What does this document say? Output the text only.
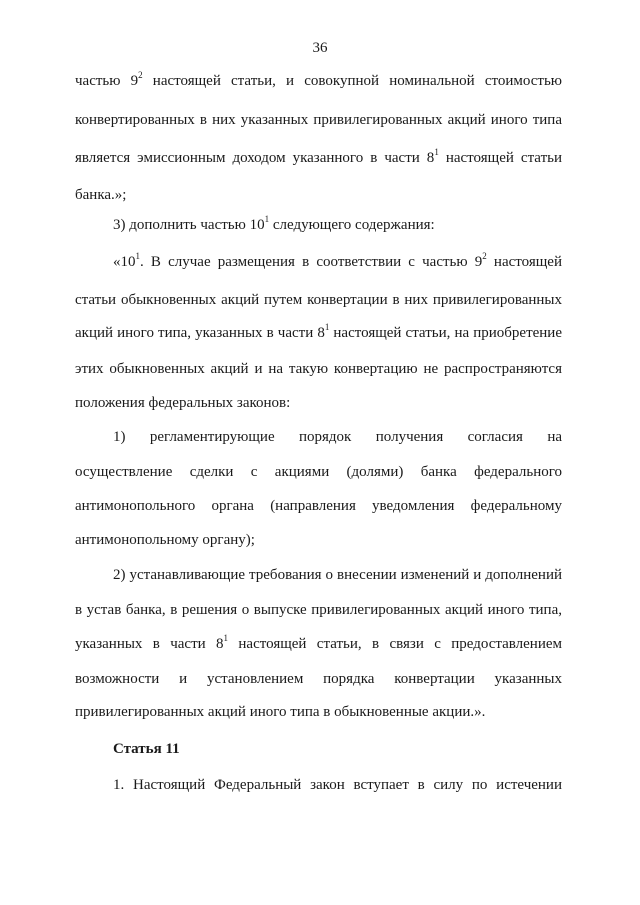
36
частью $9^2$ настоящей статьи, и совокупной номинальной стоимостью
конвертированных в них указанных привилегированных акций иного типа
является эмиссионным доходом указанного в части $8^1$ настоящей статьи
банка.»;
3) дополнить частью $10^1$ следующего содержания:
«$10^1$. В случае размещения в соответствии с частью $9^2$ настоящей
статьи обыкновенных акций путем конвертации в них привилегированных
акций иного типа, указанных в части $8^1$ настоящей статьи, на приобретение
этих обыкновенных акций и на такую конвертацию не распространяются
положения федеральных законов:
1) регламентирующие порядок получения согласия на
осуществление сделки с акциями (долями) банка федерального
антимонопольного органа (направления уведомления федеральному
антимонопольному органу);
2) устанавливающие требования о внесении изменений и дополнений
в устав банка, в решения о выпуске привилегированных акций иного типа,
указанных в части $8^1$ настоящей статьи, в связи с предоставлением
возможности и установлением порядка конвертации указанных
привилегированных акций иного типа в обыкновенные акции.».
Статья 11
1. Настоящий Федеральный закон вступает в силу по истечении
